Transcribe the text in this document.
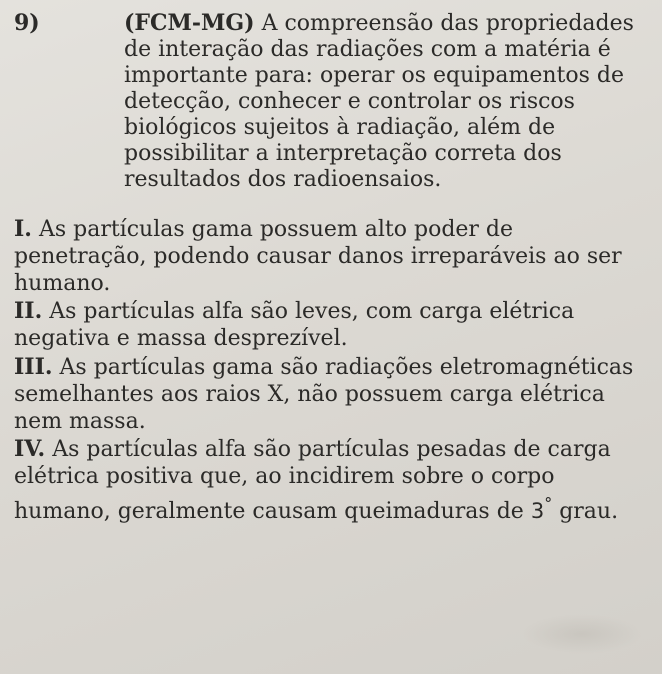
9)	(FCM-MG) A compreensão das propriedades de interação das radiações com a matéria é importante para: operar os equipamentos de detecção, conhecer e controlar os riscos biológicos sujeitos à radiação, além de possibilitar a interpretação correta dos resultados dos radioensaios.
I. As partículas gama possuem alto poder de penetração, podendo causar danos irreparáveis ao ser humano.
II. As partículas alfa são leves, com carga elétrica negativa e massa desprezível.
III. As partículas gama são radiações eletromagnéticas semelhantes aos raios X, não possuem carga elétrica nem massa.
IV. As partículas alfa são partículas pesadas de carga elétrica positiva que, ao incidirem sobre o corpo humano, geralmente causam queimaduras de 3° grau.
